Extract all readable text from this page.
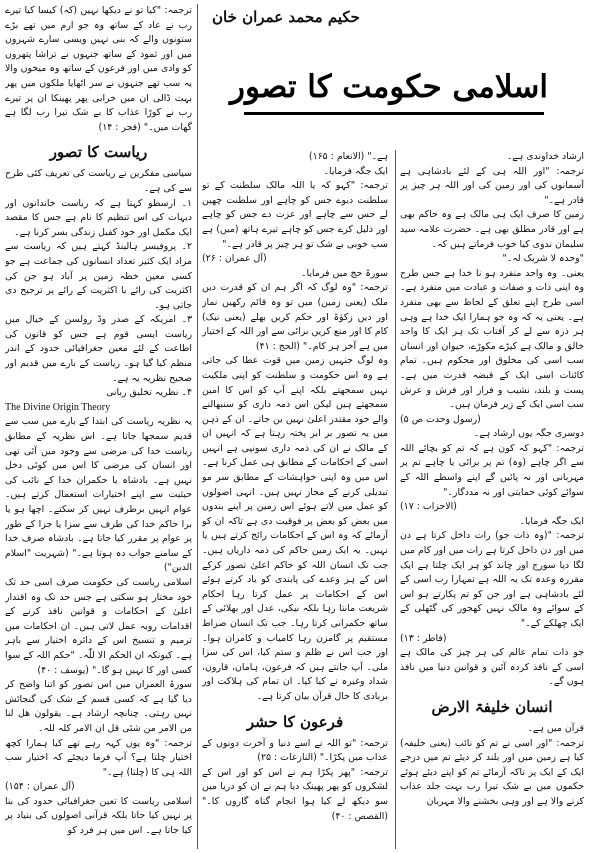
حکیم محمد عمران خان
اسلامی حکومت کا تصور

ارشاد خداوندی ہے۔

ترجمہ: "اور اللہ ہی کے لئے بادشاہی ہے آسمانوں کی اور زمین کی اور اللہ ہر چیز پر قادر ہے۔"

زمین کا صرف ایک ہی مالک ہے وہ حاکم بھی ہے اور قادر مطلق بھی ہے۔ حضرت علامہ سید سلیمان ندوی کیا خوب فرماتے ہیں کہ۔

"وحدہ لا شریک لہ۔"

یعنی۔ وہ واحد منفرد ہو نا خدا ہے جس طرح وہ اپنی ذات و صفات و عبادت میں منفرد ہے۔ اسی طرح اپنے تعلق کے لحاظ سے بھی منفرد ہے۔ یعنی یہ کہ وہ جو ہمارا ایک خدا ہے وہی ہر ذرہ سے لے کر آفتاب تک ہر ایک کا واحد خالق و مالک ہے کیڑے مکوڑے، حیوان اور انسان سب اسی کی مخلوق اور محکوم ہیں۔ تمام کائنات اسی ایک کے قبضہ قدرت میں ہے۔ پست و بلند، نشیب و فراز اور فرش و عرش سب اسی ایک کے زیر فرمان ہیں۔

(رسول وحدت ص ۵)

دوسری جگہ یوں ارشاد ہے۔

ترجمہ: "کہو کہ کون ہے کہ تم کو بچائے اللہ سے اگر چاہے (وہ) تم پر برائی یا چاہے تم پر مہربانی اور نہ پائیں گے اپنے واسطے اللہ کے سوائے کوئی حمایتی اور نہ مددگار۔"

(الاحزاب : ۱۷)

ایک جگہ فرمایا۔

ترجمہ: "(وہ ذات جو) رات داخل کرتا ہے دن میں اور دن داخل کرتا ہے رات میں اور کام میں لگا دیا سورج اور چاند کو ہر ایک چلتا ہے ایک مقررہ وعدہ تک یہ اللہ ہے تمہارا رب اسی کے لئے بادشاہی ہے اور جن کو تم پکارتے ہو اس کے سوائے وہ مالک نہیں کھجور کی گٹھلی کے ایک چھلکے کے۔"

(فاطر : ۱۳)

جو ذات تمام عالم کی ہر چیز کی مالک ہے اسی کے نافذ کردہ آئین و قوانین دنیا میں نافذ ہوں گے۔

انسان خلیفۃ الارض

قرآن میں ہے۔

ترجمہ: "اور اسی نے تم کو نائب (یعنی خلیفہ) کیا ہے زمین میں اور بلند کر دیئے تم میں درجے ایک کے ایک پر تاکہ آزمائے تم کو اپنے دیئے ہوئے حکموں میں بے شک تیرا رب بہت جلد عذاب کرنے والا ہے اور وہی بخشنے والا مہربان

ہے۔" (الانعام : ۱۶۵)

ایک جگہ فرمایا۔

ترجمہ: "کہو کہ یا اللہ مالک سلطنت کے تو سلطنت دیوے جس کو چاہے اور سلطنت چھین لے جس سے چاہے اور عزت دے جس کو چاہے اور ذلیل کرے جس کو چاہے تیرے ہاتھ (میں) ہے سب خوبی بے شک تو ہر چیز پر قادر ہے۔"

(آل عمران : ۲۶)

سورۃ حج میں فرمایا۔

ترجمہ: "وہ لوگ کہ اگر ہم ان کو قدرت دیں ملک (یعنی زمین) میں تو وہ قائم رکھیں نماز اور دیں زکوٰۃ اور حکم کریں بھلے (یعنی نیک) کام کا اور منع کریں برائی سے اور اللہ کے اختیار میں ہے آخر ہر کام۔" (الحج : ۴۱)

وہ لوگ جنہیں زمین میں قوت عطا کی جاتی ہے وہ اس حکومت و سلطنت کو اپنی ملکیت نہیں سمجھتے بلکہ اپنے آپ کو اس کا امین سمجھتے ہیں لیکن اس ذمہ داری کو سنبھالنے والے خود مقتدر اعلیٰ نہیں بن جاتے۔ ان کے ذہن میں یہ تصور بر ابر پختہ رہتا ہے کہ انہیں ان کے مالک نے ان کی ذمہ داری سونپی ہے انہیں اسی کے احکامات کے مطابق ہی عمل کرنا ہے۔ اس میں وہ اپنی خواہشات کے مطابق سر مو تبدیلی کرنے کے مجاز نہیں ہیں۔ انہی اصولوں کو عمل میں لاتے ہوئے اس زمین پر اپنے بندوں میں بعض کو بعض پر فوقیت دی ہے تاکہ ان کو آزمائے کہ وہ اس کے احکامات رائج کرتے ہیں یا نہیں۔ یہ ایک زمین حاکم کی ذمہ داریاں ہیں۔ جب تک انسان اللہ کو حاکم اعلیٰ تصور کرکے اس کے ہر وعدے کی پابندی کو یاد کرتے ہوئے اس کے احکامات پر عمل کرتا رہا احکام شریعت مانتا رہا بلکہ نیکی، عدل اور بھلائی کے ساتھ حکمرانی کرتا رہا۔ جب تک انسان صراط مستقیم پر گامزن رہا کامیاب و کامران ہوا۔ اور جب اس نے ظلم و ستم کیا، اس کی سزا ملی۔ آپ جانتے ہیں کہ فرعون، ہامان، قارون، شداد وغیرہ نے کیا کیا۔ ان تمام کی ہلاکت اور بربادی کا حال قرآن بیان کرتا ہے۔

فرعون کا حشر

ترجمہ: "تو اللہ نے اسے دنیا و آخرت دونوں کے عذاب میں پکڑا۔" (النازعات : ۲۵)

ترجمہ: "پھر پکڑا ہم نے اس کو اور اس کے لشکروں کو پھر پھینک دیا ہم نے ان کو دریا میں سو دیکھ لے کیا ہوا انجام گناہ گاروں کا۔" (القصص : ۴۰)

ترجمہ: "کیا تو نے دیکھا نہیں (کہ) کیسا کیا تیرے رب نے عاد کے ساتھ وہ جو ارم میں تھے بڑے ستونوں والے کہ بنی نہیں ویسی سارے شہروں میں اور ثمود کے ساتھ جنہوں نے تراشا پتھروں کو وادی میں اور فرعون کے ساتھ وہ میخوں والا یہ سب تھے جنہوں نے سر اٹھایا ملکوں میں پھر بہت ڈالی ان میں خرابی پھر پھینکا ان پر تیرے رب نے کوڑا عذاب کا بے شک تیرا رب لگا ہے گھات میں۔" (فجر : ۱۴)

ریاست کا تصور

سیاسی مفکرین نے ریاست کی تعریف کئی طرح سے کی ہے۔

۱۔ ارسطو کہتا ہے کہ ریاست خاندانوں اور دیہات کی اس تنظیم کا نام ہے جس کا مقصد ایک مکمل اور خود کفیل زندگی بسر کرنا ہے۔

۲۔ پروفیسر ہالینڈ کہتے ہیں کہ ریاست سے مراد ایک کثیر تعداد انسانوں کی جماعت ہے جو کسی معین خطہ زمین پر آباد ہو جن کی اکثریت کی رائے یا اکثریت کے رائے پر ترجیح دی جاتی ہو۔

۳۔ امریکہ کے صدر وڈ رولسن کے خیال میں ریاست ایسی قوم ہے جس کو قانون کی اطاعت کے لئے معین جغرافیائی حدود کے اندر منظم کیا گیا ہو۔ ریاست کے بارے میں قدیم اور صحیح نظریہ یہ ہے۔

۴۔ نظریہ تخلیق ربانی

The Divine Origin Theory

یہ نظریہ ریاست کی ابتدا کے بارے میں سب سے قدیم سمجھا جاتا ہے۔ اس نظریہ کے مطابق ریاست خدا کی مرضی سے وجود میں آئی تھی اور انسان کی مرضی کا اس میں کوئی دخل نہیں ہے۔ بادشاہ یا حکمران خدا کے نائب کی حیثیت سے اپنے اختیارات استعمال کرتے ہیں۔ عوام انہیں برطرف نہیں کر سکتے۔ اچھا ہو یا برا حاکم خدا کی طرف سے سزا یا جزا کے طور پر عوام پر مقرر کیا جاتا ہے۔ بادشاہ صرف خدا کے سامنے جواب دہ ہوتا ہے۔" (شہریت "اسلام الدین")

اسلامی ریاست کی حکومت صرف اسی حد تک خود مختار ہو سکتی ہے جس حد تک وہ اقتدار اعلیٰ کے احکامات و قوانین نافذ کرنے کے اقدامات روبہ عمل لاتی ہیں۔ ان احکامات میں ترمیم و تنسیخ اس کے دائرہ اختیار سے باہر ہے۔ کیونکہ ان الحکم الا للّٰہ۔ "حکم اللہ کے سوا کسی اور کا نہیں ہو گا۔" (یوسف : ۴۰)

سورۃ العمران میں اس تصور کو اتنا واضح کر دیا گیا ہے کہ کسی قسم کے شک کی گنجائش نہیں رہتی۔ چنانچہ ارشاد ہے۔ یقولون ھل لنا من الامر من شئی قل ان الامر کلہ للہ۔

ترجمہ: "وہ یوں کہہ رہے تھے کیا ہمارا کچھ اختیار چلتا ہے؟ آپ فرما دیجئے کہ اختیار سب اللہ ہی کا (چلتا) ہے۔"

(آل عمران : ۱۵۴)

اسلامی ریاست کا تعین جغرافیائی حدود کی بنا پر نہیں کیا جاتا بلکہ قرآنی اصولوں کی بنیاد پر کیا جاتا ہے۔ اس میں ہر فرد کو
